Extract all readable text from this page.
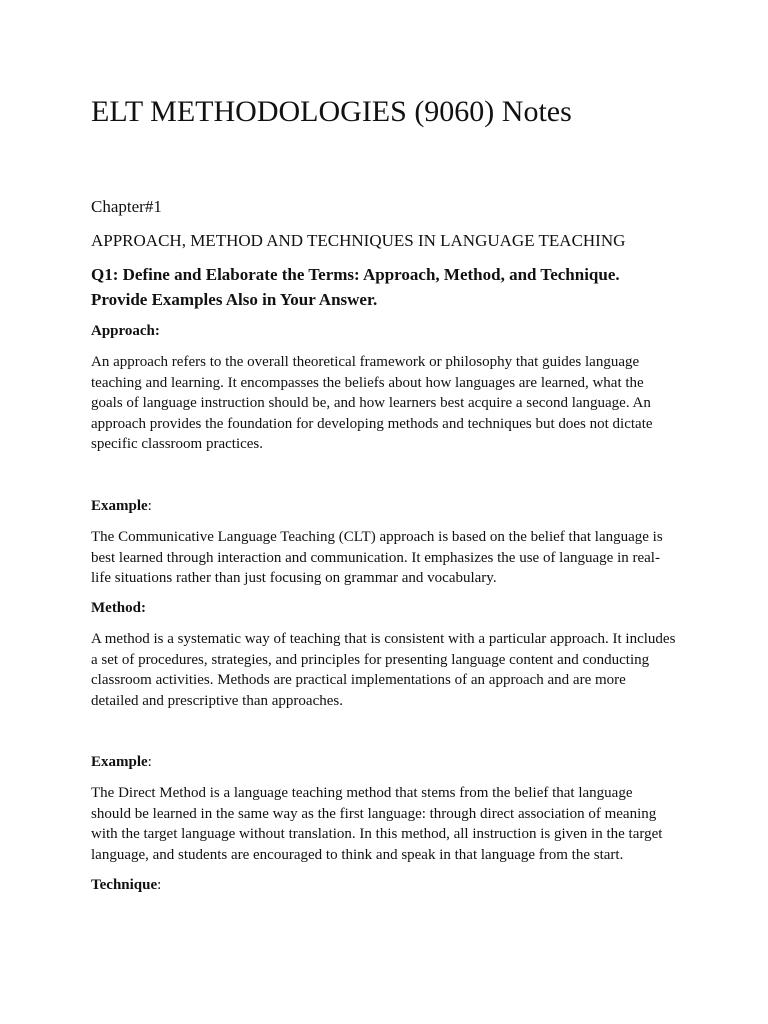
ELT METHODOLOGIES (9060) Notes

Chapter#1

APPROACH, METHOD AND TECHNIQUES IN LANGUAGE TEACHING

Q1: Define and Elaborate the Terms: Approach, Method, and Technique.
Provide Examples Also in Your Answer.

Approach:

An approach refers to the overall theoretical framework or philosophy that guides language
teaching and learning. It encompasses the beliefs about how languages are learned, what the
goals of language instruction should be, and how learners best acquire a second language. An
approach provides the foundation for developing methods and techniques but does not dictate
specific classroom practices.

Example:

The Communicative Language Teaching (CLT) approach is based on the belief that language is
best learned through interaction and communication. It emphasizes the use of language in real-
life situations rather than just focusing on grammar and vocabulary.

Method:

A method is a systematic way of teaching that is consistent with a particular approach. It includes
a set of procedures, strategies, and principles for presenting language content and conducting
classroom activities. Methods are practical implementations of an approach and are more
detailed and prescriptive than approaches.

Example:

The Direct Method is a language teaching method that stems from the belief that language
should be learned in the same way as the first language: through direct association of meaning
with the target language without translation. In this method, all instruction is given in the target
language, and students are encouraged to think and speak in that language from the start.

Technique:
